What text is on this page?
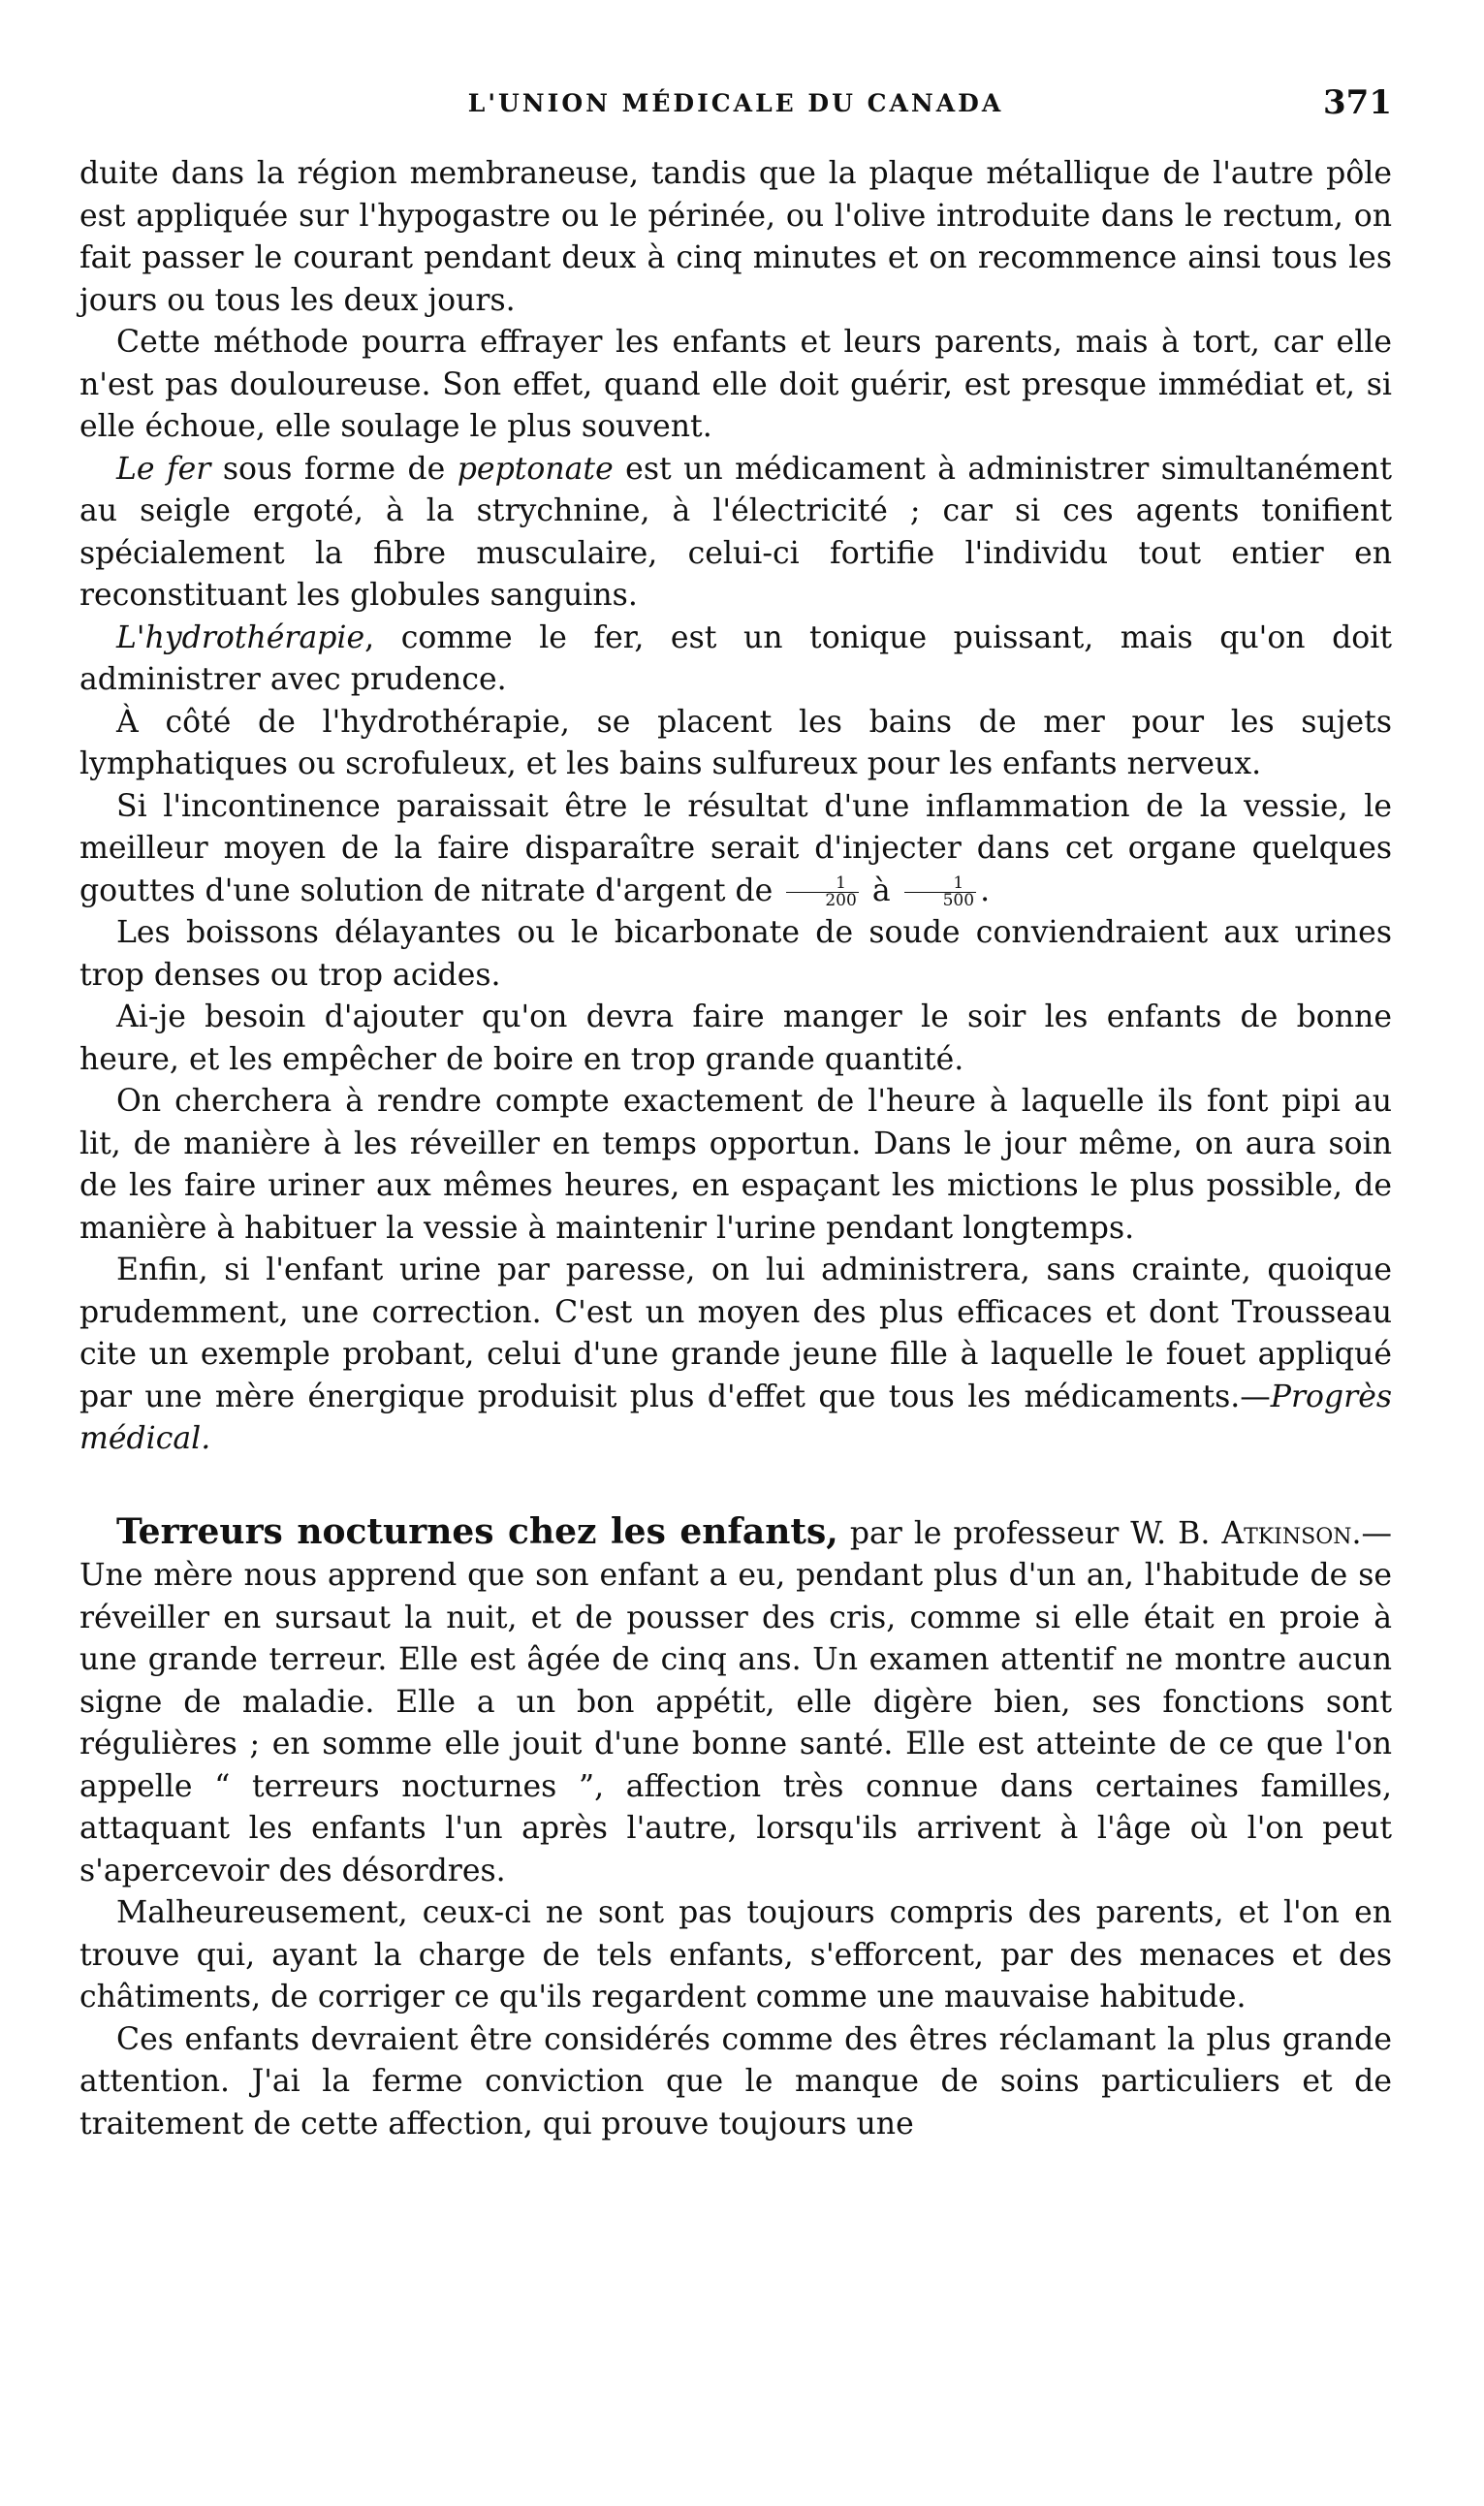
L'UNION MÉDICALE DU CANADA	371

duite dans la région membraneuse, tandis que la plaque métallique de l'autre pôle est appliquée sur l'hypogastre ou le périnée, ou l'olive introduite dans le rectum, on fait passer le courant pendant deux à cinq minutes et on recommence ainsi tous les jours ou tous les deux jours.

Cette méthode pourra effrayer les enfants et leurs parents, mais à tort, car elle n'est pas douloureuse. Son effet, quand elle doit guérir, est presque immédiat et, si elle échoue, elle soulage le plus souvent.

Le fer sous forme de peptonate est un médicament à administrer simultanément au seigle ergoté, à la strychnine, à l'électricité ; car si ces agents tonifient spécialement la fibre musculaire, celui-ci fortifie l'individu tout entier en reconstituant les globules sanguins.

L'hydrothérapie, comme le fer, est un tonique puissant, mais qu'on doit administrer avec prudence.

À côté de l'hydrothérapie, se placent les bains de mer pour les sujets lymphatiques ou scrofuleux, et les bains sulfureux pour les enfants nerveux.

Si l'incontinence paraissait être le résultat d'une inflammation de la vessie, le meilleur moyen de la faire disparaître serait d'injecter dans cet organe quelques gouttes d'une solution de nitrate d'argent de $\frac{1}{200}$ à $\frac{1}{500}$ .

Les boissons délayantes ou le bicarbonate de soude conviendraient aux urines trop denses ou trop acides.

Ai-je besoin d'ajouter qu'on devra faire manger le soir les enfants de bonne heure, et les empêcher de boire en trop grande quantité.

On cherchera à rendre compte exactement de l'heure à laquelle ils font pipi au lit, de manière à les réveiller en temps opportun. Dans le jour même, on aura soin de les faire uriner aux mêmes heures, en espaçant les mictions le plus possible, de manière à habituer la vessie à maintenir l'urine pendant longtemps.

Enfin, si l'enfant urine par paresse, on lui administrera, sans crainte, quoique prudemment, une correction. C'est un moyen des plus efficaces et dont Trousseau cite un exemple probant, celui d'une grande jeune fille à laquelle le fouet appliqué par une mère énergique produisit plus d'effet que tous les médicaments.—Progrès médical.

Terreurs nocturnes chez les enfants, par le professeur W. B. Atkinson.—Une mère nous apprend que son enfant a eu, pendant plus d'un an, l'habitude de se réveiller en sursaut la nuit, et de pousser des cris, comme si elle était en proie à une grande terreur. Elle est âgée de cinq ans. Un examen attentif ne montre aucun signe de maladie. Elle a un bon appétit, elle digère bien, ses fonctions sont régulières ; en somme elle jouit d'une bonne santé. Elle est atteinte de ce que l'on appelle “ terreurs nocturnes ”, affection très connue dans certaines familles, attaquant les enfants l'un après l'autre, lorsqu'ils arrivent à l'âge où l'on peut s'apercevoir des désordres.

Malheureusement, ceux-ci ne sont pas toujours compris des parents, et l'on en trouve qui, ayant la charge de tels enfants, s'efforcent, par des menaces et des châtiments, de corriger ce qu'ils regardent comme une mauvaise habitude.

Ces enfants devraient être considérés comme des êtres réclamant la plus grande attention. J'ai la ferme conviction que le manque de soins particuliers et de traitement de cette affection, qui prouve toujours une
